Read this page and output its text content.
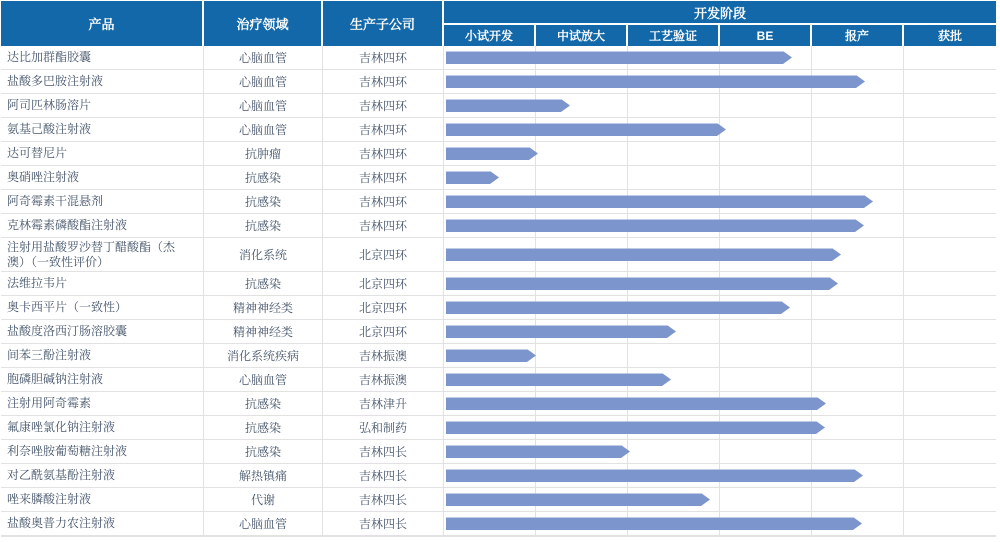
产品	治疗领域	生产子公司
开发阶段
小试开发	中试放大	工艺验证	BE	报产	获批
达比加群酯胶囊	心脑血管	吉林四环
盐酸多巴胺注射液	心脑血管	吉林四环
阿司匹林肠溶片	心脑血管	吉林四环
氨基己酸注射液	心脑血管	吉林四环
达可替尼片	抗肿瘤	吉林四环
奥硝唑注射液	抗感染	吉林四环
阿奇霉素干混悬剂	抗感染	吉林四环
克林霉素磷酸酯注射液	抗感染	吉林四环
注射用盐酸罗沙替丁醋酸酯（杰澳）（一致性评价）	消化系统	北京四环
法维拉韦片	抗感染	北京四环
奥卡西平片（一致性）	精神神经类	北京四环
盐酸度洛西汀肠溶胶囊	精神神经类	北京四环
间苯三酚注射液	消化系统疾病	吉林振澳
胞磷胆碱钠注射液	心脑血管	吉林振澳
注射用阿奇霉素	抗感染	吉林津升
氟康唑氯化钠注射液	抗感染	弘和制药
利奈唑胺葡萄糖注射液	抗感染	吉林四长
对乙酰氨基酚注射液	解热镇痛	吉林四长
唑来膦酸注射液	代谢	吉林四长
盐酸奥普力农注射液	心脑血管	吉林四长
